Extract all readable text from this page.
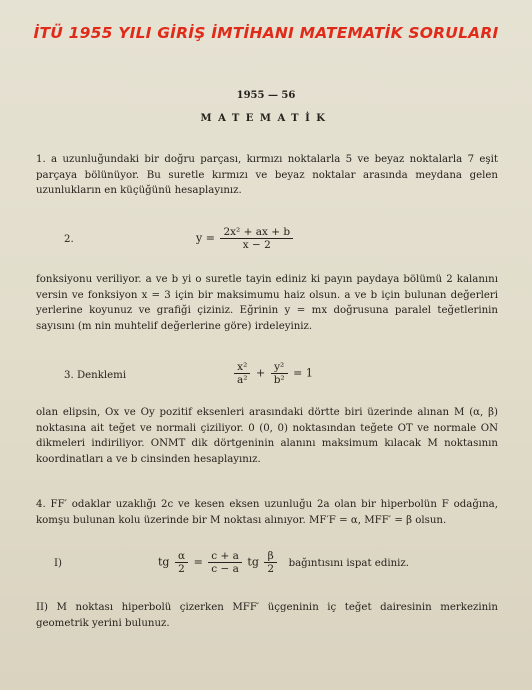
İTÜ 1955 YILI GİRİŞ İMTİHANI MATEMATİK SORULARI
1955 — 56
MATEMATİK
1. a uzunluğundaki bir doğru parçası, kırmızı noktalarla 5 ve beyaz noktalarla 7 eşit parçaya bölünüyor. Bu suretle kırmızı ve beyaz noktalar arasında meydana gelen uzunlukların en küçüğünü hesaplayınız.
2.	$y = \frac{\text{2x² + ax + b}}{x - 2}$
fonksiyonu veriliyor. a ve b yi o suretle tayin ediniz ki payın paydaya bölümü 2 kalanını versin ve fonksiyon x = 3 için bir maksimumu haiz olsun. a ve b için bulunan değerleri yerlerine koyunuz ve grafiği çiziniz. Eğrinin y = mx doğrusuna paralel teğetlerinin sayısını (m nin muhtelif değerlerine göre) irdeleyiniz.
3. Denklemi	$\frac{\text{x²}}{\text{a²}} + \frac{\text{y²}}{\text{b²}} = 1$
olan elipsin, Ox ve Oy pozitif eksenleri arasındaki dörtte biri üzerinde alınan M (α, β) noktasına ait teğet ve normali çiziliyor. 0 (0, 0) noktasından teğete OT ve normale ON dikmeleri indiriliyor. ONMT dik dörtgeninin alanını maksimum kılacak M noktasının koordinatları a ve b cinsinden hesaplayınız.
4. FF′ odaklar uzaklığı 2c ve kesen eksen uzunluğu 2a olan bir hiperbolün F odağına, komşu bulunan kolu üzerinde bir M noktası alınıyor. MF′F = α, MFF′ = β olsun.
I)	tg $\frac{\alpha}{2} = \frac{c + a}{c - a}$ tg $\frac{\beta}{2}$ bağıntısını ispat ediniz.
II) M noktası hiperbolü çizerken MFF′ üçgeninin iç teğet dairesinin merkezinin geometrik yerini bulunuz.
